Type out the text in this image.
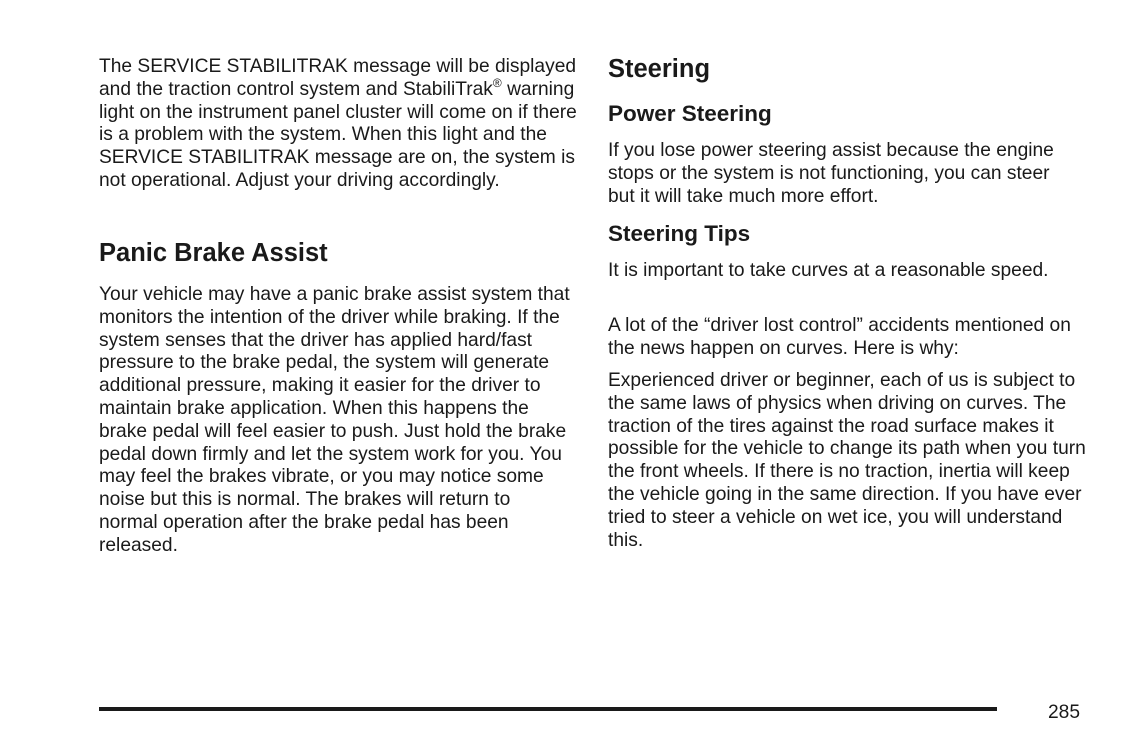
The SERVICE STABILITRAK message will be displayed and the traction control system and StabiliTrak® warning light on the instrument panel cluster will come on if there is a problem with the system. When this light and the SERVICE STABILITRAK message are on, the system is not operational. Adjust your driving accordingly.

Panic Brake Assist

Your vehicle may have a panic brake assist system that monitors the intention of the driver while braking. If the system senses that the driver has applied hard/fast pressure to the brake pedal, the system will generate additional pressure, making it easier for the driver to maintain brake application. When this happens the brake pedal will feel easier to push. Just hold the brake pedal down firmly and let the system work for you. You may feel the brakes vibrate, or you may notice some noise but this is normal. The brakes will return to normal operation after the brake pedal has been released.

Steering
Power Steering

If you lose power steering assist because the engine stops or the system is not functioning, you can steer but it will take much more effort.

Steering Tips

It is important to take curves at a reasonable speed.

A lot of the “driver lost control” accidents mentioned on the news happen on curves. Here is why:

Experienced driver or beginner, each of us is subject to the same laws of physics when driving on curves. The traction of the tires against the road surface makes it possible for the vehicle to change its path when you turn the front wheels. If there is no traction, inertia will keep the vehicle going in the same direction. If you have ever tried to steer a vehicle on wet ice, you will understand this.

285
